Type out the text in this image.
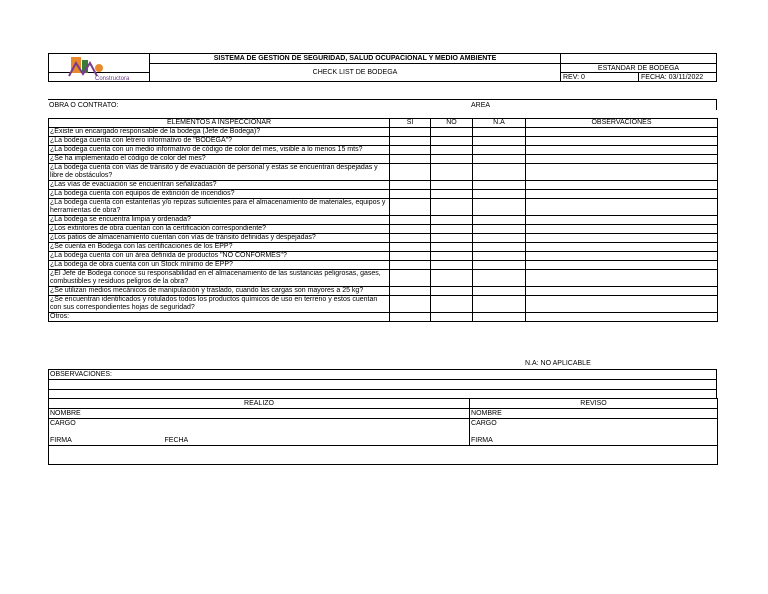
Constructora	SISTEMA DE GESTION DE SEGURIDAD, SALUD OCUPACIONAL Y MEDIO AMBIENTE		
	CHECK LIST DE BODEGA	ESTANDAR DE BODEGA	
		REV: 0	FECHA: 03/11/2022
OBRA O CONTRATO:	AREA
ELEMENTOS A INSPECCIONAR	SI	NO	N.A	OBSERVACIONES
¿Existe un encargado responsable de la bodega (Jefe de Bodega)?				
¿La bodega cuenta con letrero informativo de "BODEGA"?				
¿La bodega cuenta con un medio informativo de código de color del mes, visible a lo menos 15 mts?				
¿Se ha implementado el código de color del mes?				
¿La bodega cuenta con vías de tránsito y de evacuación de personal y estas se encuentran despejadas y libre de obstáculos?				
¿Las vías de evacuación se encuentran señalizadas?				
¿La bodega cuenta con equipos de extinción de incendios?				
¿La bodega cuenta con estanterías y/o repizas suficientes para el almacenamiento de materiales, equipos y herramientas de obra?				
¿La bodega se encuentra limpia y ordenada?				
¿Los extintores de obra cuentan con la certificación correspondiente?				
¿Los patios de almacenamiento cuentan con vías de tránsito definidas y despejadas?				
¿Se cuenta en Bodega con las certificaciones de los EPP?				
¿La bodega cuenta con un área definida de productos "NO CONFORMES"?				
¿La bodega de obra cuenta con un Stock mínimo de EPP?				
¿El Jefe de Bodega conoce su responsabilidad en el almacenamiento de las sustancias peligrosas, gases, combustibles y residuos peligros de la obra?				
¿Se utilizan medios mecánicos de manipulación y traslado, cuando las cargas son mayores a 25 kg?				
¿Se encuentran identificados y rotulados todos los productos químicos de uso en terreno y estos cuentan con sus correspondientes hojas de seguridad?				
Otros:				
N.A: NO APLICABLE
OBSERVACIONES:

REALIZO		REVISO
NOMBRE		NOMBRE
CARGO		CARGO
FIRMA	FECHA	FIRMA
